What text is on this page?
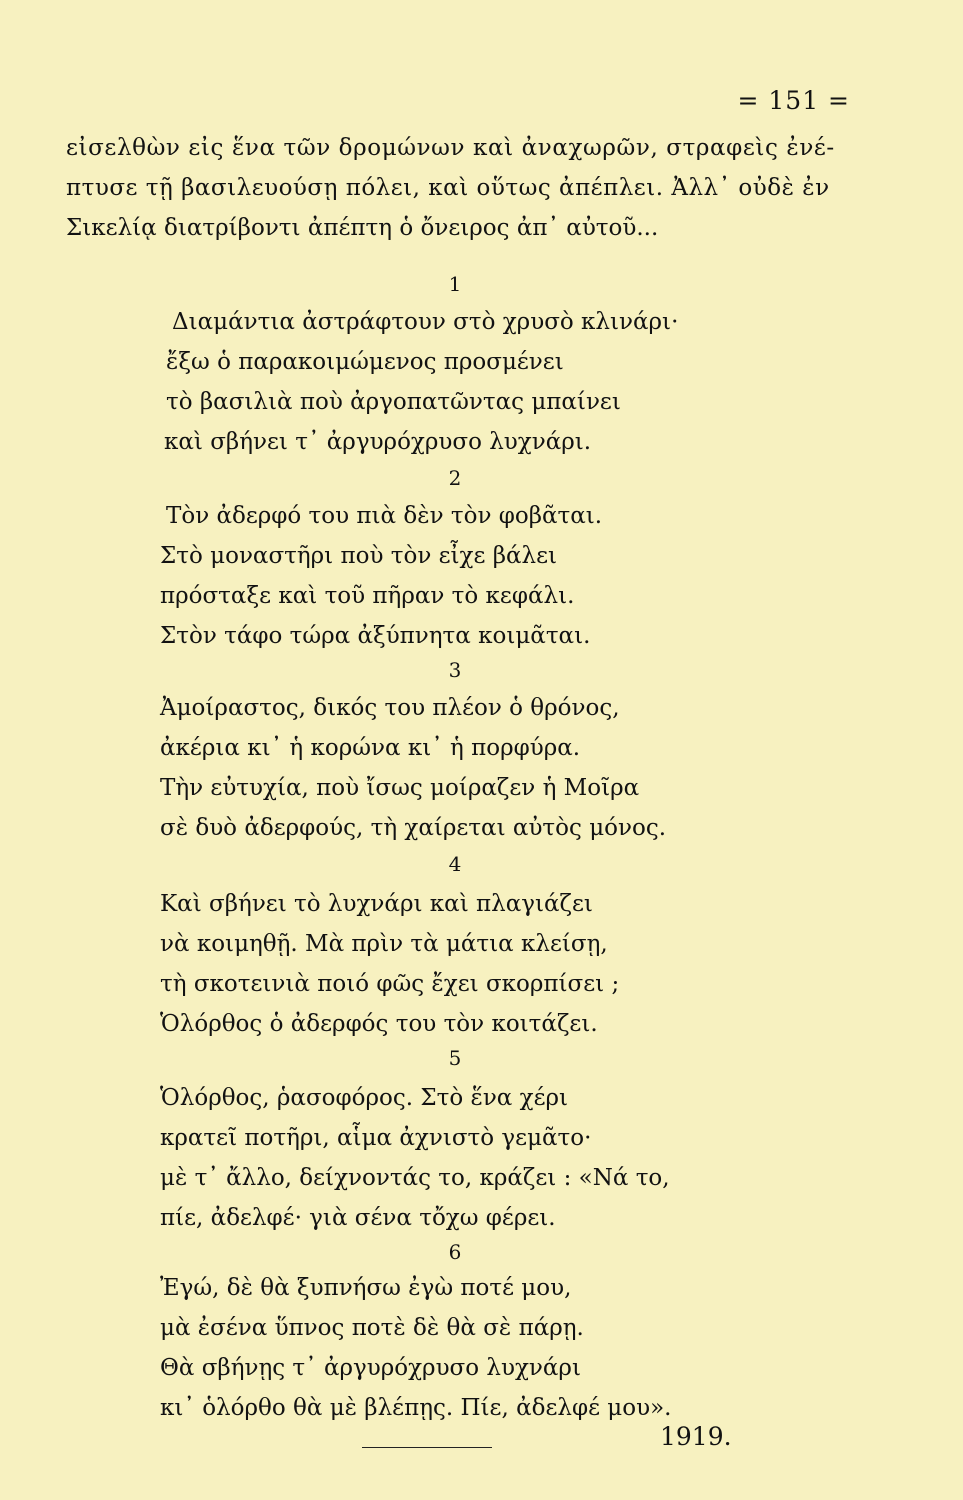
= 151 =
εἰσελθὼν εἰς ἕνα τῶν δρομώνων καὶ ἀναχωρῶν, στραφεὶς ἐνέ-
πτυσε τῇ βασιλευούσῃ πόλει, καὶ οὕτως ἀπέπλει. Ἀλλ᾿ οὐδὲ ἐν
Σικελίᾳ διατρίβοντι ἀπέπτη ὁ ὄνειρος ἀπ᾿ αὐτοῦ...
1
Διαμάντια ἀστράφτουν στὸ χρυσὸ κλινάρι·
ἔξω ὁ παρακοιμώμενος προσμένει
τὸ βασιλιὰ ποὺ ἀργοπατῶντας μπαίνει
καὶ σβήνει τ᾿ ἀργυρόχρυσο λυχνάρι.
2
Τὸν ἀδερφό του πιὰ δὲν τὸν φοβᾶται.
Στὸ μοναστῆρι ποὺ τὸν εἶχε βάλει
πρόσταξε καὶ τοῦ πῆραν τὸ κεφάλι.
Στὸν τάφο τώρα ἀξύπνητα κοιμᾶται.
3
Ἀμοίραστος, δικός του πλέον ὁ θρόνος,
ἀκέρια κι᾿ ἡ κορώνα κι᾿ ἡ πορφύρα.
Τὴν εὐτυχία, ποὺ ἴσως μοίραζεν ἡ Μοῖρα
σὲ δυὸ ἀδερφούς, τὴ χαίρεται αὐτὸς μόνος.
4
Καὶ σβήνει τὸ λυχνάρι καὶ πλαγιάζει
νὰ κοιμηθῇ. Μὰ πρὶν τὰ μάτια κλείσῃ,
τὴ σκοτεινιὰ ποιό φῶς ἔχει σκορπίσει ;
Ὁλόρθος ὁ ἀδερφός του τὸν κοιτάζει.
5
Ὁλόρθος, ῥασοφόρος. Στὸ ἕνα χέρι
κρατεῖ ποτῆρι, αἷμα ἀχνιστὸ γεμᾶτο·
μὲ τ᾿ ἄλλο, δείχνοντάς το, κράζει : «Νά το,
πίε, ἀδελφέ· γιὰ σένα τὄχω φέρει.
6
Ἐγώ, δὲ θὰ ξυπνήσω ἐγὼ ποτέ μου,
μὰ ἐσένα ὕπνος ποτὲ δὲ θὰ σὲ πάρῃ.
Θὰ σβήνῃς τ᾿ ἀργυρόχρυσο λυχνάρι
κι᾿ ὁλόρθο θὰ μὲ βλέπῃς. Πίε, ἀδελφέ μου».
1919.
